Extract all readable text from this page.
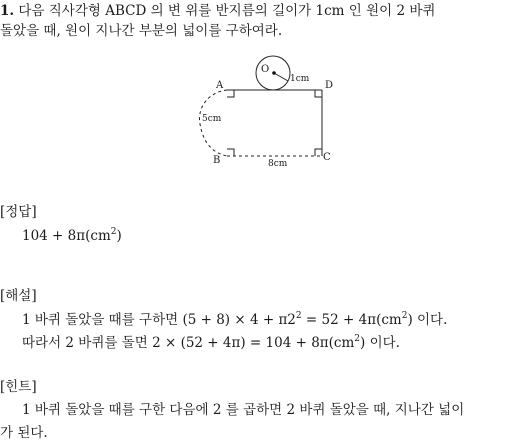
1. 다음 직사각형 ABCD 의 변 위를 반지름의 길이가 1cm 인 원이 2 바퀴
돌았을 때, 원이 지나간 부분의 넓이를 구하여라.
O
1cm
A	D
5cm
B	8cm
C
[정답]
$104 + 8\pi(cm^2)$
[해설]
1 바퀴 돌았을 때를 구하면 $(5 + 8) \times 4 + \pi 2^2 = 52 + 4\pi(cm^2)$ 이다.
따라서 2 바퀴를 돌면 $2 \times (52 + 4\pi) = 104 + 8\pi(cm^2)$ 이다.
[힌트]
1 바퀴 돌았을 때를 구한 다음에 2 를 곱하면 2 바퀴 돌았을 때, 지나간 넓이
가 된다.
